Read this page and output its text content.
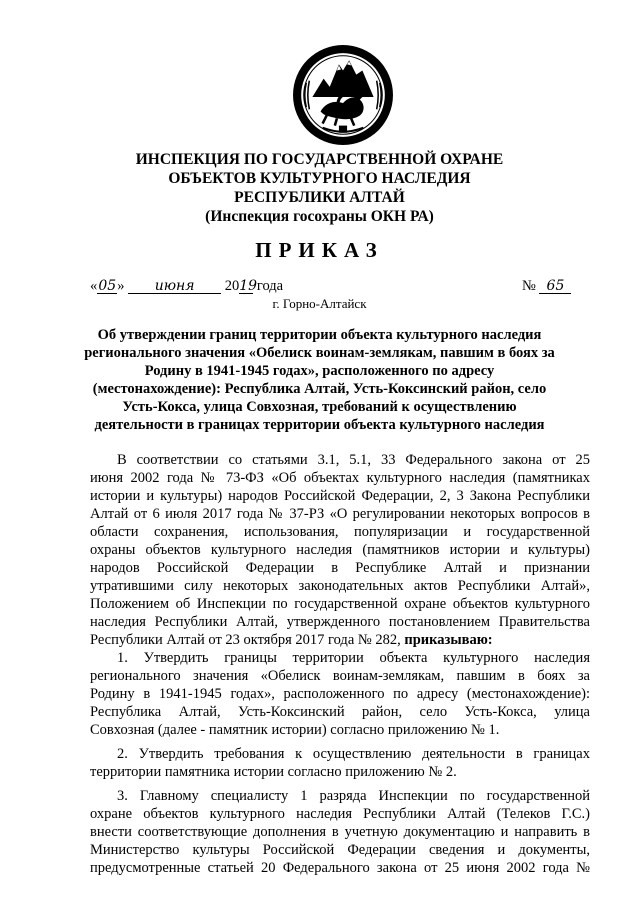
ИНСПЕКЦИЯ ПО ГОСУДАРСТВЕННОЙ ОХРАНЕ
ОБЪЕКТОВ КУЛЬТУРНОГО НАСЛЕДИЯ
РЕСПУБЛИКИ АЛТАЙ
(Инспекция госохраны ОКН РА)
ПРИКАЗ
«05» июня 2019 года	№ 65
г. Горно-Алтайск
Об утверждении границ территории объекта культурного наследия
регионального значения «Обелиск воинам-землякам, павшим в боях за
Родину в 1941-1945 годах», расположенного по адресу
(местонахождение): Республика Алтай, Усть-Коксинский район, село
Усть-Кокса, улица Совхозная, требований к осуществлению
деятельности в границах территории объекта культурного наследия
В соответствии со статьями 3.1, 5.1, 33 Федерального закона от 25
июня 2002 года № 73-ФЗ «Об объектах культурного наследия (памятниках
истории и культуры) народов Российской Федерации, 2, 3 Закона Республики
Алтай от 6 июля 2017 года № 37-РЗ «О регулировании некоторых вопросов в
области сохранения, использования, популяризации и государственной
охраны объектов культурного наследия (памятников истории и культуры)
народов Российской Федерации в Республике Алтай и признании
утратившими силу некоторых законодательных актов Республики Алтай»,
Положением об Инспекции по государственной охране объектов культурного
наследия Республики Алтай, утвержденного постановлением Правительства
Республики Алтай от 23 октября 2017 года № 282, приказываю:
1. Утвердить границы территории объекта культурного наследия
регионального значения «Обелиск воинам-землякам, павшим в боях за
Родину в 1941-1945 годах», расположенного по адресу (местонахождение):
Республика Алтай, Усть-Коксинский район, село Усть-Кокса, улица
Совхозная (далее - памятник истории) согласно приложению № 1.
2. Утвердить требования к осуществлению деятельности в границах
территории памятника истории согласно приложению № 2.
3. Главному специалисту 1 разряда Инспекции по государственной
охране объектов культурного наследия Республики Алтай (Телеков Г.С.)
внести соответствующие дополнения в учетную документацию и направить в
Министерство культуры Российской Федерации сведения и документы,
предусмотренные статьей 20 Федерального закона от 25 июня 2002 года №
